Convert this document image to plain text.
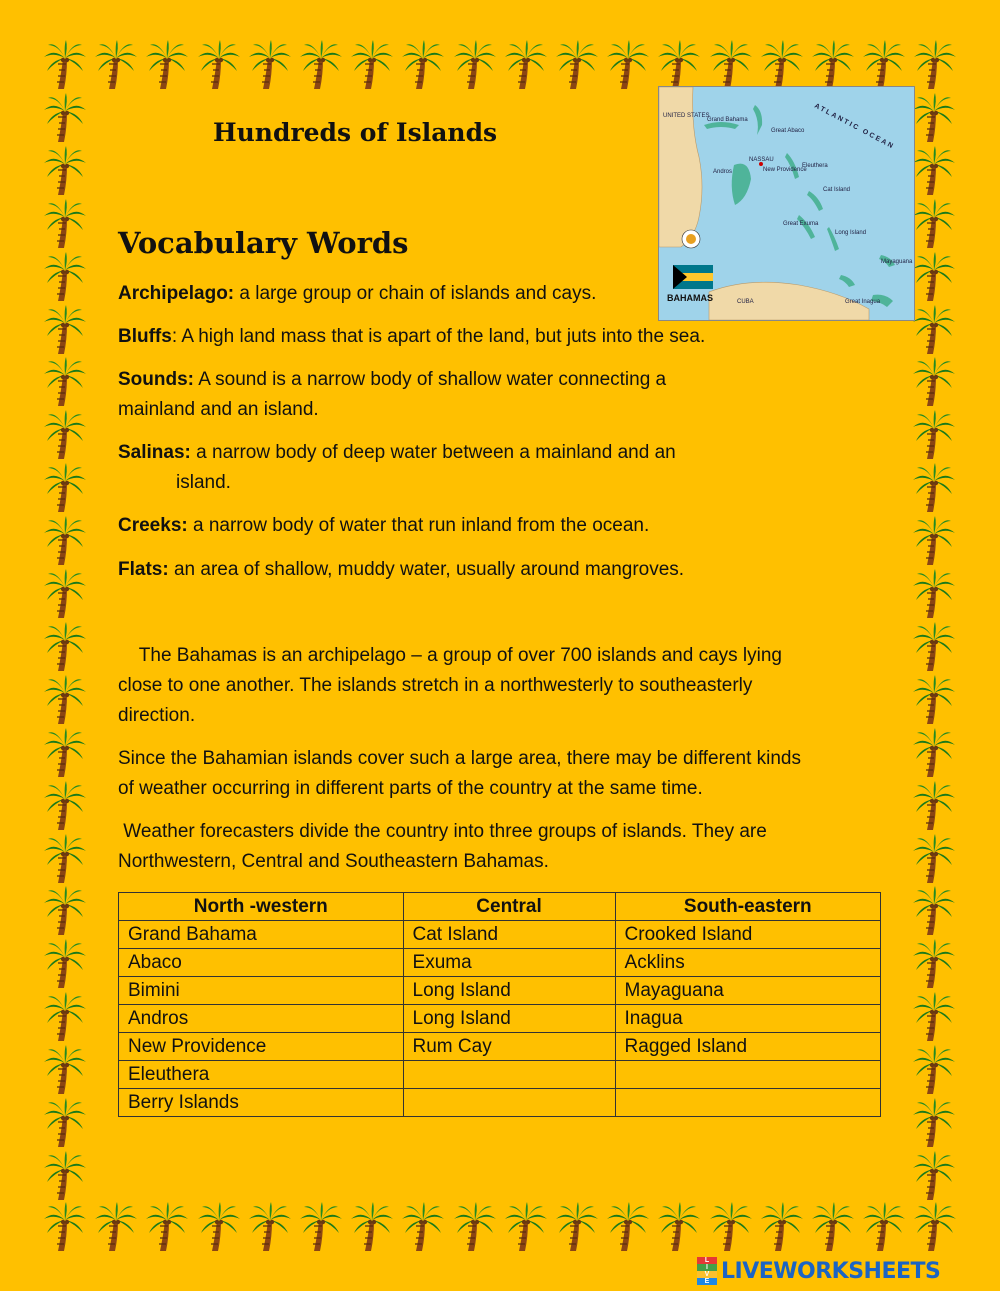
Hundreds of Islands
Vocabulary Words
UNITED STATES
Grand Bahama
Great Abaco
NASSAU
New Providence
Eleuthera
Andros
Cat Island
Great Exuma
Long Island
Mayaguana
Great Inagua
CUBA
ATLANTIC OCEAN
BAHAMAS

Archipelago: a large group or chain of islands and cays.

Bluffs: A high land mass that is apart of the land, but juts into the sea.

Sounds: A sound is a narrow body of shallow water connecting a
mainland and an island.

Salinas: a narrow body of deep water between a mainland and an
island.

Creeks: a narrow body of water that run inland from the ocean.

Flats: an area of shallow, muddy water, usually around mangroves.

The Bahamas is an archipelago – a group of over 700 islands and cays lying
close to one another. The islands stretch in a northwesterly to southeasterly
direction.

Since the Bahamian islands cover such a large area, there may be different kinds
of weather occurring in different parts of the country at the same time.

Weather forecasters divide the country into three groups of islands. They are
Northwestern, Central and Southeastern Bahamas.

North -western	Central	South-eastern
Grand Bahama	Cat Island	Crooked Island
Abaco	Exuma	Acklins
Bimini	Long Island	Mayaguana
Andros	Long Island	Inagua
New Providence	Rum Cay	Ragged Island
Eleuthera		
Berry Islands		
L
I
V
E LIVEWORKSHEETS
